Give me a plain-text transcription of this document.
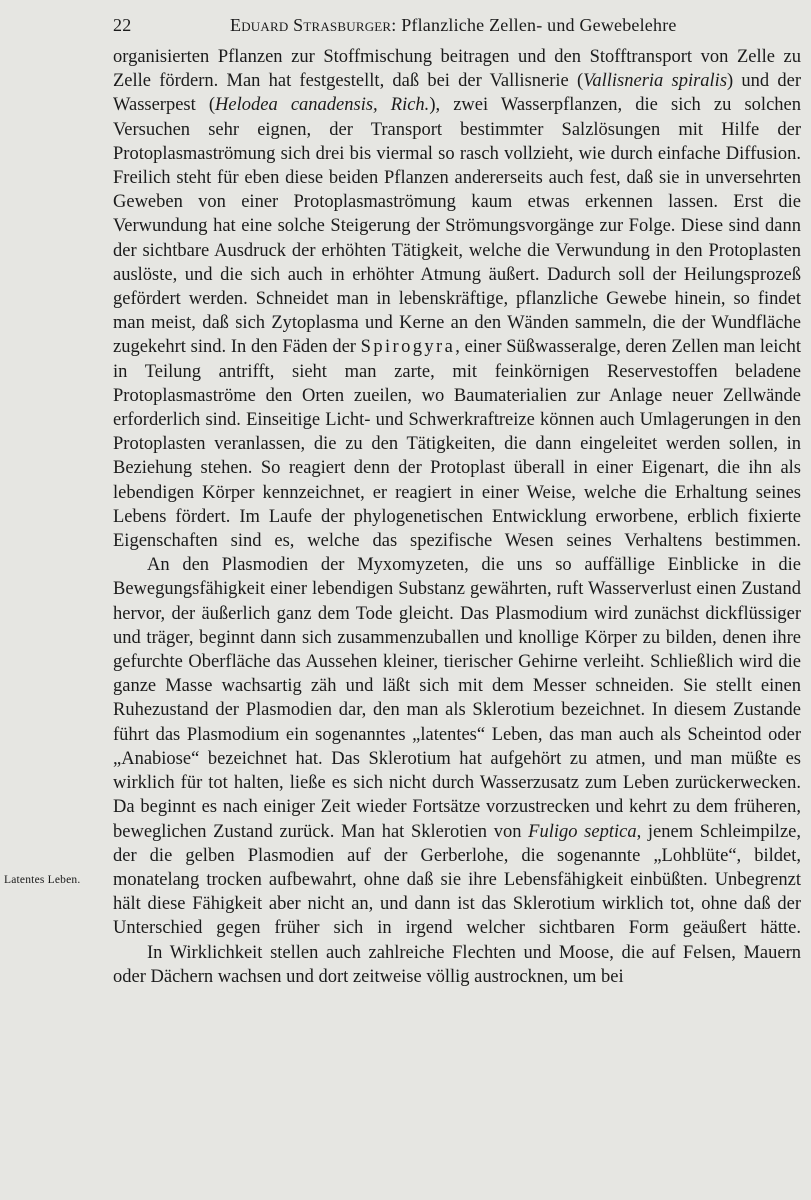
22	Eduard Strasburger: Pflanzliche Zellen- und Gewebelehre
Latentes Leben.

organisierten Pflanzen zur Stoffmischung beitragen und den Stofftransport von Zelle zu Zelle fördern. Man hat festgestellt, daß bei der Vallisnerie (Vallisneria spiralis) und der Wasserpest (Helodea canadensis, Rich.), zwei Wasserpflanzen, die sich zu solchen Versuchen sehr eignen, der Transport bestimmter Salzlösungen mit Hilfe der Protoplasmaströmung sich drei bis viermal so rasch vollzieht, wie durch einfache Diffusion. Freilich steht für eben diese beiden Pflanzen andererseits auch fest, daß sie in unversehrten Geweben von einer Protoplasmaströmung kaum etwas erkennen lassen. Erst die Verwundung hat eine solche Steigerung der Strömungsvorgänge zur Folge. Diese sind dann der sichtbare Ausdruck der erhöhten Tätigkeit, welche die Verwundung in den Protoplasten auslöste, und die sich auch in erhöhter Atmung äußert. Dadurch soll der Heilungsprozeß gefördert werden. Schneidet man in lebenskräftige, pflanzliche Gewebe hinein, so findet man meist, daß sich Zytoplasma und Kerne an den Wänden sammeln, die der Wundfläche zugekehrt sind. In den Fäden der Spirogyra, einer Süßwasseralge, deren Zellen man leicht in Teilung antrifft, sieht man zarte, mit feinkörnigen Reservestoffen beladene Protoplasmaströme den Orten zueilen, wo Baumaterialien zur Anlage neuer Zellwände erforderlich sind. Einseitige Licht- und Schwerkraftreize können auch Umlagerungen in den Protoplasten veranlassen, die zu den Tätigkeiten, die dann eingeleitet werden sollen, in Beziehung stehen. So reagiert denn der Protoplast überall in einer Eigenart, die ihn als lebendigen Körper kennzeichnet, er reagiert in einer Weise, welche die Erhaltung seines Lebens fördert. Im Laufe der phylogenetischen Entwicklung erworbene, erblich fixierte Eigenschaften sind es, welche das spezifische Wesen seines Verhaltens bestimmen.

An den Plasmodien der Myxomyzeten, die uns so auffällige Einblicke in die Bewegungsfähigkeit einer lebendigen Substanz gewährten, ruft Wasserverlust einen Zustand hervor, der äußerlich ganz dem Tode gleicht. Das Plasmodium wird zunächst dickflüssiger und träger, beginnt dann sich zusammenzuballen und knollige Körper zu bilden, denen ihre gefurchte Oberfläche das Aussehen kleiner, tierischer Gehirne verleiht. Schließlich wird die ganze Masse wachsartig zäh und läßt sich mit dem Messer schneiden. Sie stellt einen Ruhezustand der Plasmodien dar, den man als Sklerotium bezeichnet. In diesem Zustande führt das Plasmodium ein sogenanntes „latentes“ Leben, das man auch als Scheintod oder „Anabiose“ bezeichnet hat. Das Sklerotium hat aufgehört zu atmen, und man müßte es wirklich für tot halten, ließe es sich nicht durch Wasserzusatz zum Leben zurückerwecken. Da beginnt es nach einiger Zeit wieder Fortsätze vorzustrecken und kehrt zu dem früheren, beweglichen Zustand zurück. Man hat Sklerotien von Fuligo septica, jenem Schleimpilze, der die gelben Plasmodien auf der Gerberlohe, die sogenannte „Lohblüte“, bildet, monatelang trocken aufbewahrt, ohne daß sie ihre Lebensfähigkeit einbüßten. Unbegrenzt hält diese Fähigkeit aber nicht an, und dann ist das Sklerotium wirklich tot, ohne daß der Unterschied gegen früher sich in irgend welcher sichtbaren Form geäußert hätte.

In Wirklichkeit stellen auch zahlreiche Flechten und Moose, die auf Felsen, Mauern oder Dächern wachsen und dort zeitweise völlig austrocknen, um bei
